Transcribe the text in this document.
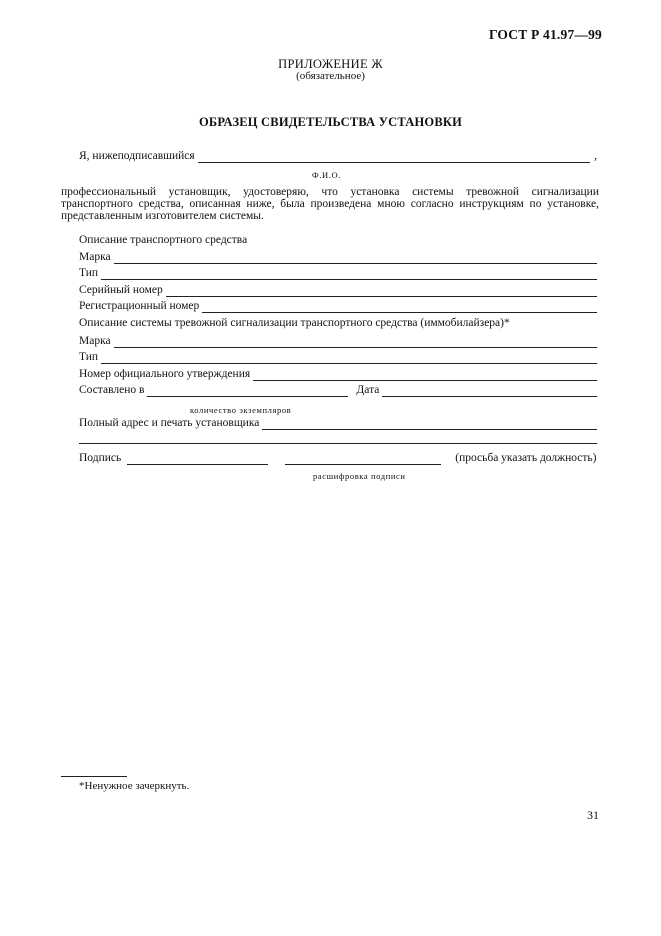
ГОСТ Р 41.97—99
ПРИЛОЖЕНИЕ Ж
(обязательное)
ОБРАЗЕЦ СВИДЕТЕЛЬСТВА УСТАНОВКИ
Я, нижеподписавшийся	,
Ф.И.О.
профессиональный установщик, удостоверяю, что установка системы тревожной сигнализации транспортного средства, описанная ниже, была произведена мною согласно инструкциям по установке, представленным изготовителем системы.
Описание транспортного средства
Марка
Тип
Серийный номер
Регистрационный номер
Описание системы тревожной сигнализации транспортного средства (иммобилайзера)*
Марка
Тип
Номер официального утверждения
Составлено в	Дата
количество экземпляров
Полный адрес и печать установщика
Подпись	(просьба указать должность)
расшифровка подписи
*Ненужное зачеркнуть.
31
